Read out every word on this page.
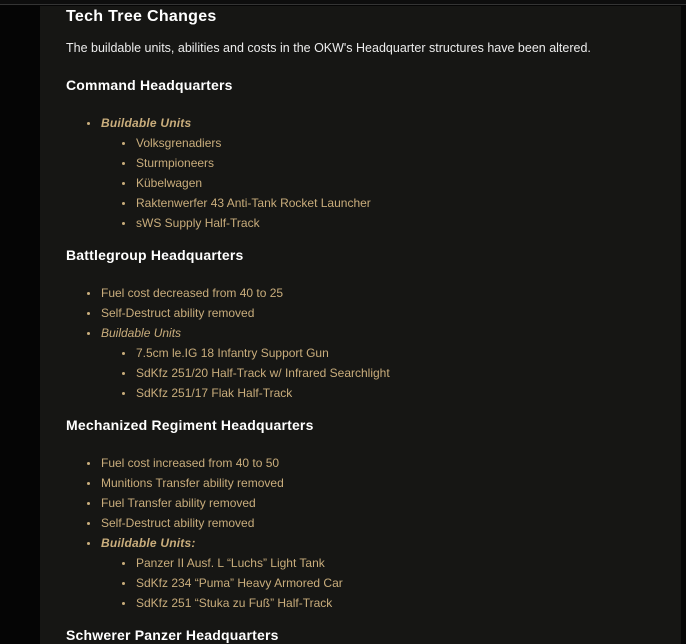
Tech Tree Changes

The buildable units, abilities and costs in the OKW's Headquarter structures have been altered.

Command Headquarters
Buildable Units
Volksgrenadiers
Sturmpioneers
Kübelwagen
Raktenwerfer 43 Anti-Tank Rocket Launcher
sWS Supply Half-Track
Battlegroup Headquarters
Fuel cost decreased from 40 to 25
Self-Destruct ability removed
Buildable Units
7.5cm le.IG 18 Infantry Support Gun
SdKfz 251/20 Half-Track w/ Infrared Searchlight
SdKfz 251/17 Flak Half-Track
Mechanized Regiment Headquarters
Fuel cost increased from 40 to 50
Munitions Transfer ability removed
Fuel Transfer ability removed
Self-Destruct ability removed
Buildable Units:
Panzer II Ausf. L “Luchs” Light Tank
SdKfz 234 “Puma” Heavy Armored Car
SdKfz 251 “Stuka zu Fuß” Half-Track
Schwerer Panzer Headquarters
